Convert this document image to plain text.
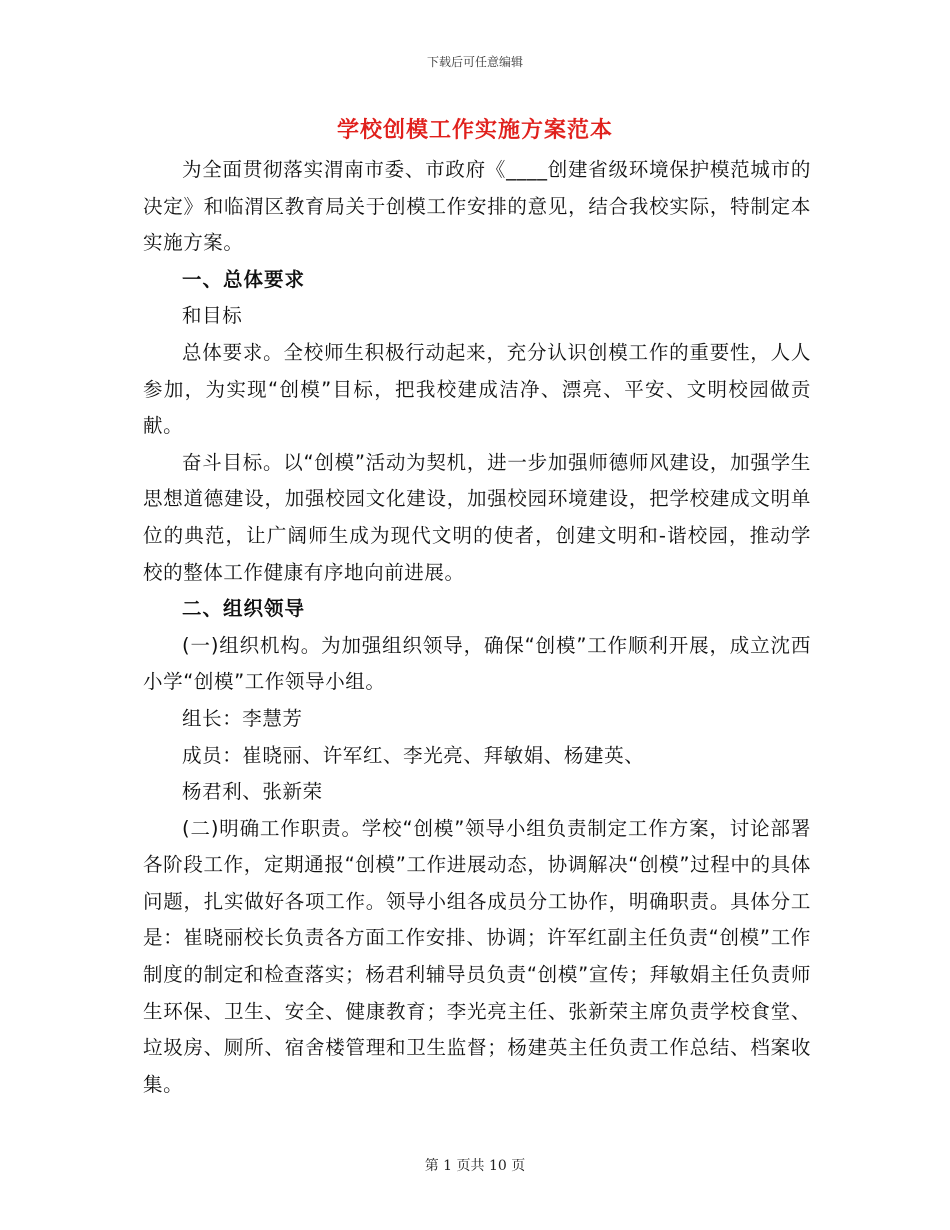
下载后可任意编辑
学校创模工作实施方案范本

为全面贯彻落实渭南市委、市政府《____创建省级环境保护模范城市的决定》和临渭区教育局关于创模工作安排的意见，结合我校实际，特制定本实施方案。

一、总体要求

和目标

总体要求。全校师生积极行动起来，充分认识创模工作的重要性，人人参加，为实现“创模”目标，把我校建成洁净、漂亮、平安、文明校园做贡献。

奋斗目标。以“创模”活动为契机，进一步加强师德师风建设，加强学生思想道德建设，加强校园文化建设，加强校园环境建设，把学校建成文明单位的典范，让广阔师生成为现代文明的使者，创建文明和-谐校园，推动学校的整体工作健康有序地向前进展。

二、组织领导

(一)组织机构。为加强组织领导，确保“创模”工作顺利开展，成立沈西小学“创模”工作领导小组。

组长：李慧芳

成员：崔晓丽、许军红、李光亮、拜敏娟、杨建英、

杨君利、张新荣

(二)明确工作职责。学校“创模”领导小组负责制定工作方案，讨论部署各阶段工作，定期通报“创模”工作进展动态，协调解决“创模”过程中的具体问题，扎实做好各项工作。领导小组各成员分工协作，明确职责。具体分工是：崔晓丽校长负责各方面工作安排、协调；许军红副主任负责“创模”工作制度的制定和检查落实；杨君利辅导员负责“创模”宣传；拜敏娟主任负责师生环保、卫生、安全、健康教育；李光亮主任、张新荣主席负责学校食堂、垃圾房、厕所、宿舍楼管理和卫生监督；杨建英主任负责工作总结、档案收集。

第 1 页共 10 页
